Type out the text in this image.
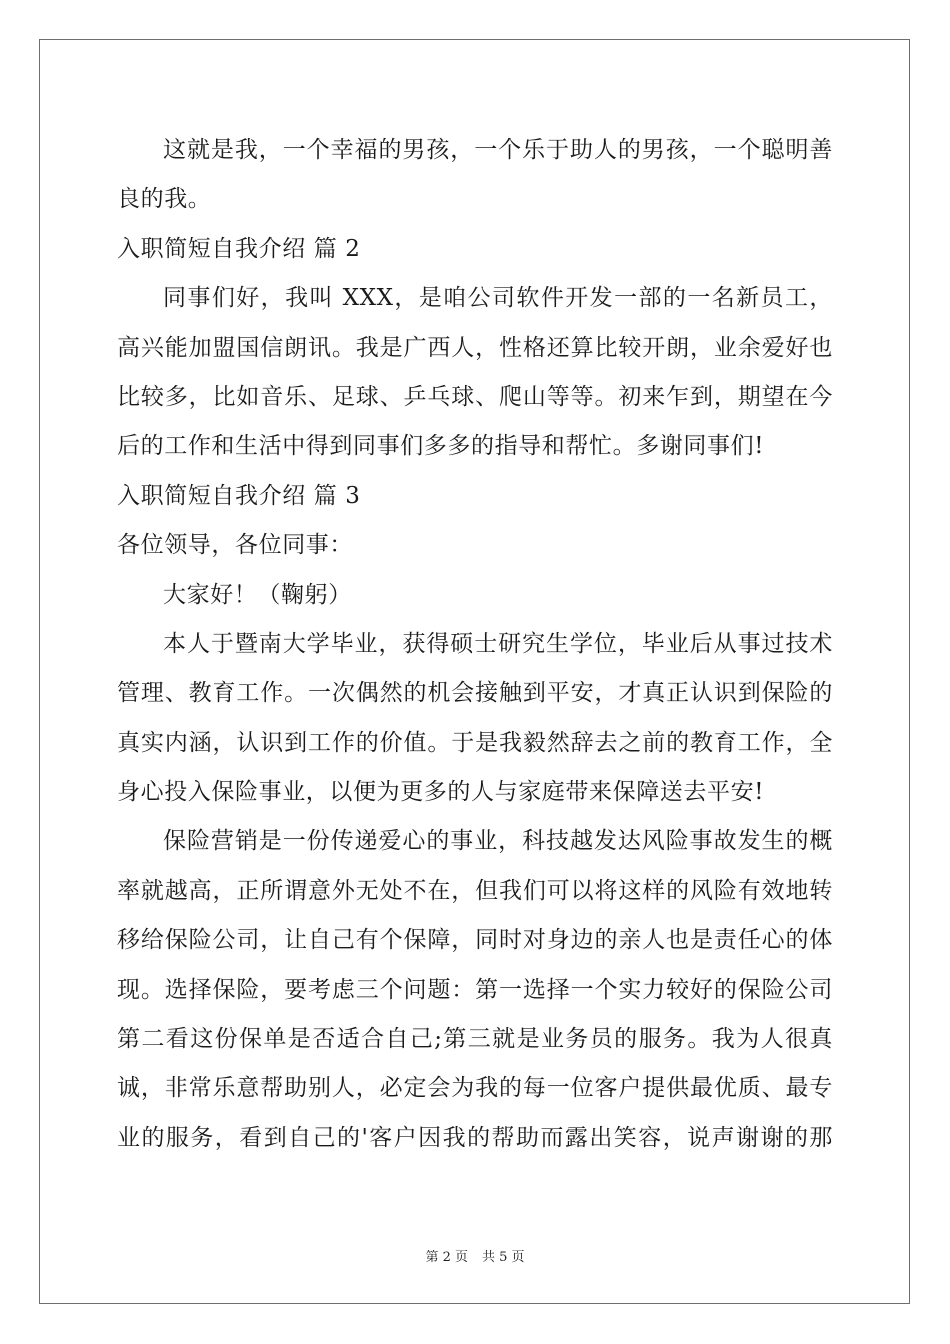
这就是我，一个幸福的男孩，一个乐于助人的男孩，一个聪明善
良的我。
入职简短自我介绍 篇 2
同事们好，我叫 XXX，是咱公司软件开发一部的一名新员工，
高兴能加盟国信朗讯。我是广西人，性格还算比较开朗，业余爱好也
比较多，比如音乐、足球、乒乓球、爬山等等。初来乍到，期望在今
后的工作和生活中得到同事们多多的指导和帮忙。多谢同事们!
入职简短自我介绍 篇 3
各位领导，各位同事：
大家好！（鞠躬）
本人于暨南大学毕业，获得硕士研究生学位，毕业后从事过技术
管理、教育工作。一次偶然的机会接触到平安，才真正认识到保险的
真实内涵，认识到工作的价值。于是我毅然辞去之前的教育工作，全
身心投入保险事业，以便为更多的人与家庭带来保障送去平安!
保险营销是一份传递爱心的事业，科技越发达风险事故发生的概
率就越高，正所谓意外无处不在，但我们可以将这样的风险有效地转
移给保险公司，让自己有个保障，同时对身边的亲人也是责任心的体
现。选择保险，要考虑三个问题：第一选择一个实力较好的保险公司
第二看这份保单是否适合自己;第三就是业务员的服务。我为人很真
诚，非常乐意帮助别人，必定会为我的每一位客户提供最优质、最专
业的服务，看到自己的'客户因我的帮助而露出笑容，说声谢谢的那
第 2 页 共 5 页
